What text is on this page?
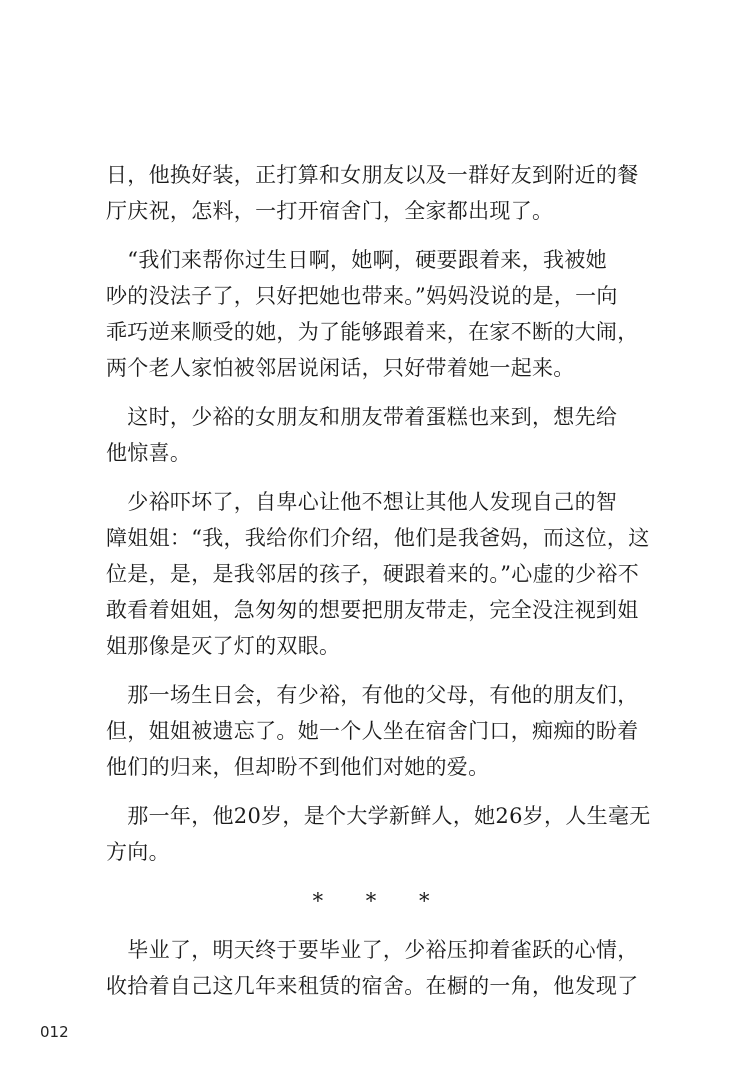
日，他换好装，正打算和女朋友以及一群好友到附近的餐
厅庆祝，怎料，一打开宿舍门，全家都出现了。

　“我们来帮你过生日啊，她啊，硬要跟着来，我被她
吵的没法子了，只好把她也带来。”妈妈没说的是，一向
乖巧逆来顺受的她，为了能够跟着来，在家不断的大闹，
两个老人家怕被邻居说闲话，只好带着她一起来。

　这时，少裕的女朋友和朋友带着蛋糕也来到，想先给
他惊喜。

　少裕吓坏了，自卑心让他不想让其他人发现自己的智
障姐姐：“我，我给你们介绍，他们是我爸妈，而这位，这
位是，是，是我邻居的孩子，硬跟着来的。”心虚的少裕不
敢看着姐姐，急匆匆的想要把朋友带走，完全没注视到姐
姐那像是灭了灯的双眼。

　那一场生日会，有少裕，有他的父母，有他的朋友们，
但，姐姐被遗忘了。她一个人坐在宿舍门口，痴痴的盼着
他们的归来，但却盼不到他们对她的爱。

　那一年，他20岁，是个大学新鲜人，她26岁，人生毫无
方向。

* * *

　毕业了，明天终于要毕业了，少裕压抑着雀跃的心情，
收拾着自己这几年来租赁的宿舍。在橱的一角，他发现了

012
